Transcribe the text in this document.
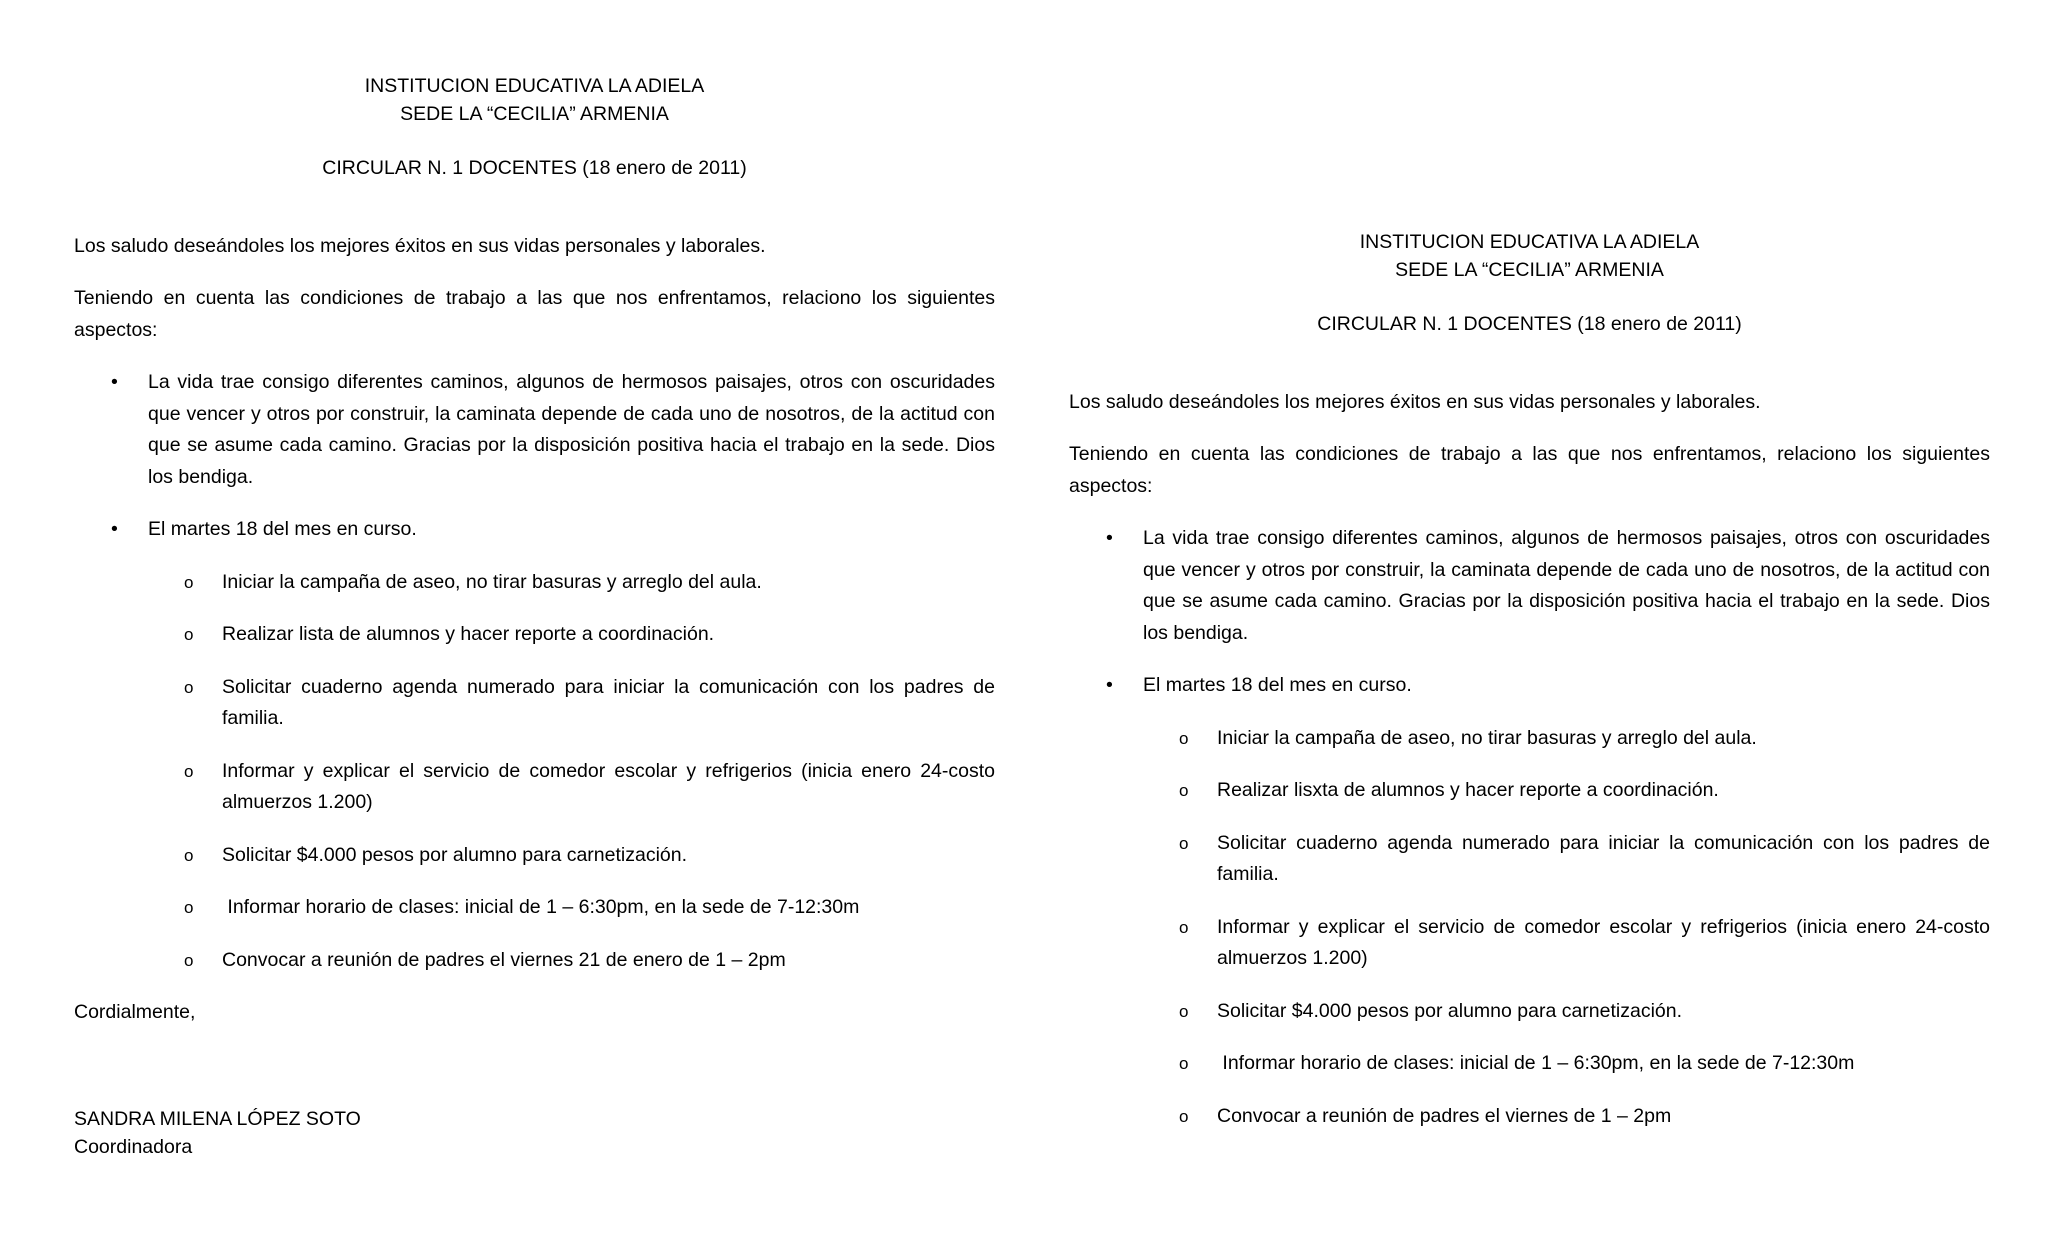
INSTITUCION EDUCATIVA LA ADIELA

SEDE LA “CECILIA” ARMENIA

CIRCULAR N. 1 DOCENTES (18 enero de 2011)

Los saludo deseándoles los mejores éxitos en sus vidas personales y laborales.

Teniendo en cuenta las condiciones de trabajo a las que nos enfrentamos, relaciono los siguientes aspectos:

• La vida trae consigo diferentes caminos, algunos de hermosos paisajes, otros con oscuridades que vencer y otros por construir, la caminata depende de cada uno de nosotros, de la actitud con que se asume cada camino. Gracias por la disposición positiva hacia el trabajo en la sede. Dios los bendiga.
• El martes 18 del mes en curso.
o Iniciar la campaña de aseo, no tirar basuras y arreglo del aula.
o Realizar lista de alumnos y hacer reporte a coordinación.
o Solicitar cuaderno agenda numerado para iniciar la comunicación con los padres de familia.
o Informar y explicar el servicio de comedor escolar y refrigerios (inicia enero 24-costo almuerzos 1.200)
o Solicitar $4.000 pesos por alumno para carnetización.
o Informar horario de clases: inicial de 1 – 6:30pm, en la sede de 7-12:30m
o Convocar a reunión de padres el viernes 21 de enero de 1 – 2pm

Cordialmente,

SANDRA MILENA LÓPEZ SOTO

Coordinadora

INSTITUCION EDUCATIVA LA ADIELA

SEDE LA “CECILIA” ARMENIA

CIRCULAR N. 1 DOCENTES (18 enero de 2011)

Los saludo deseándoles los mejores éxitos en sus vidas personales y laborales.

Teniendo en cuenta las condiciones de trabajo a las que nos enfrentamos, relaciono los siguientes aspectos:

• La vida trae consigo diferentes caminos, algunos de hermosos paisajes, otros con oscuridades que vencer y otros por construir, la caminata depende de cada uno de nosotros, de la actitud con que se asume cada camino. Gracias por la disposición positiva hacia el trabajo en la sede. Dios los bendiga.
• El martes 18 del mes en curso.
o Iniciar la campaña de aseo, no tirar basuras y arreglo del aula.
o Realizar lisxta de alumnos y hacer reporte a coordinación.
o Solicitar cuaderno agenda numerado para iniciar la comunicación con los padres de familia.
o Informar y explicar el servicio de comedor escolar y refrigerios (inicia enero 24-costo almuerzos 1.200)
o Solicitar $4.000 pesos por alumno para carnetización.
o Informar horario de clases: inicial de 1 – 6:30pm, en la sede de 7-12:30m
o Convocar a reunión de padres el viernes de 1 – 2pm
